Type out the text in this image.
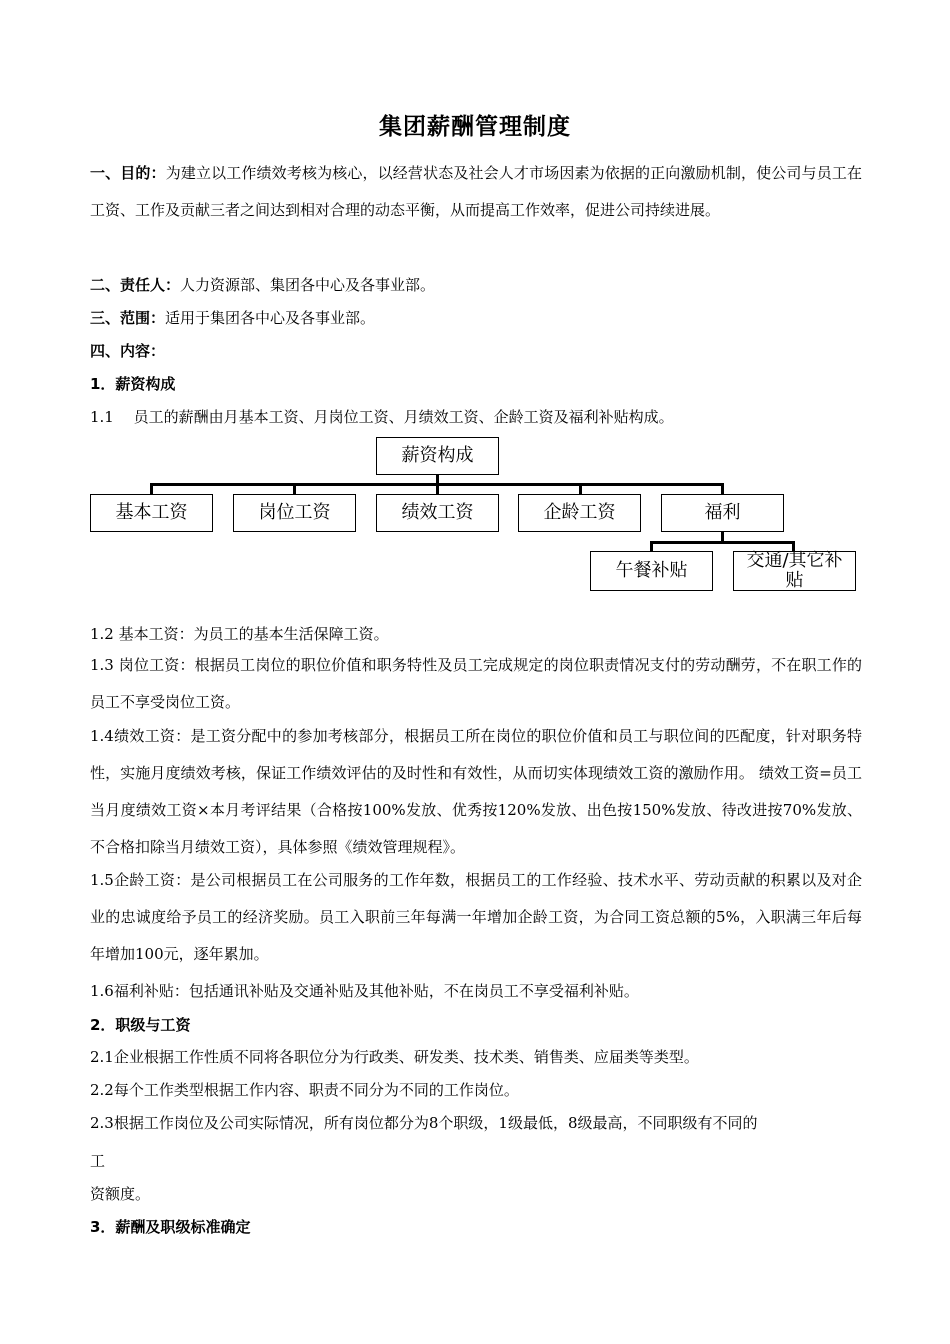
集团薪酬管理制度
一、目的：为建立以工作绩效考核为核心，以经营状态及社会人才市场因素为依据的正向激励机制，使公司与员工在工资、工作及贡献三者之间达到相对合理的动态平衡，从而提高工作效率，促进公司持续进展。
二、责任人：人力资源部、集团各中心及各事业部。
三、范围：适用于集团各中心及各事业部。
四、内容：
1．薪资构成
1.1　 员工的薪酬由月基本工资、月岗位工资、月绩效工资、企龄工资及福利补贴构成。
薪资构成
基本工资	岗位工资	绩效工资	企龄工资	福利
午餐补贴	交通/其它补贴
1.2 基本工资：为员工的基本生活保障工资。
1.3 岗位工资：根据员工岗位的职位价值和职务特性及员工完成规定的岗位职责情况支付的劳动酬劳，不在职工作的员工不享受岗位工资。
1.4绩效工资：是工资分配中的参加考核部分，根据员工所在岗位的职位价值和员工与职位间的匹配度，针对职务特性，实施月度绩效考核，保证工作绩效评估的及时性和有效性，从而切实体现绩效工资的激励作用。 绩效工资=员工当月度绩效工资×本月考评结果（合格按100%发放、优秀按120%发放、出色按150%发放、待改进按70%发放、不合格扣除当月绩效工资），具体参照《绩效管理规程》。
1.5企龄工资：是公司根据员工在公司服务的工作年数，根据员工的工作经验、技术水平、劳动贡献的积累以及对企业的忠诚度给予员工的经济奖励。员工入职前三年每满一年增加企龄工资，为合同工资总额的5%，入职满三年后每年增加100元，逐年累加。
1.6福利补贴：包括通讯补贴及交通补贴及其他补贴，不在岗员工不享受福利补贴。
2．职级与工资
2.1企业根据工作性质不同将各职位分为行政类、研发类、技术类、销售类、应届类等类型。
2.2每个工作类型根据工作内容、职责不同分为不同的工作岗位。
2.3根据工作岗位及公司实际情况，所有岗位都分为8个职级，1级最低，8级最高，不同职级有不同的
工
资额度。
3．薪酬及职级标准确定
